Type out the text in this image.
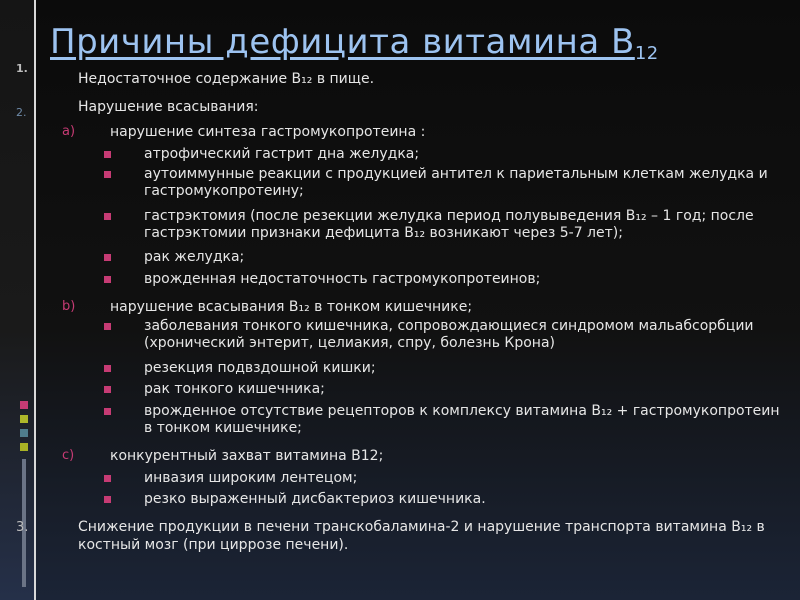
1.
2.
3.
Причины дефицита витамина $В_{12}$
Недостаточное содержание В₁₂ в пище.
Нарушение всасывания:
a) нарушение синтеза гастромукопротеина :
атрофический гастрит дна желудка;
аутоиммунные реакции с продукцией антител к париетальным клеткам желудка и гастромукопротеину;
гастрэктомия (после резекции желудка период полувыведения В₁₂ – 1 год; после гастрэктомии признаки дефицита В₁₂ возникают через 5-7 лет);
рак желудка;
врожденная недостаточность гастромукопротеинов;
b) нарушение всасывания В₁₂ в тонком кишечнике;
заболевания тонкого кишечника, сопровождающиеся синдромом мальабсорбции (хронический энтерит, целиакия, спру, болезнь Крона)
резекция подвздошной кишки;
рак тонкого кишечника;
врожденное отсутствие рецепторов к комплексу витамина В₁₂ + гастромукопротеин в тонком кишечнике;
c)	конкурентный захват витамина В12;
инвазия широким лентецом;
резко выраженный дисбактериоз кишечника.
Снижение продукции в печени транскобаламина-2 и нарушение транспорта витамина В₁₂ в костный мозг (при циррозе печени).
